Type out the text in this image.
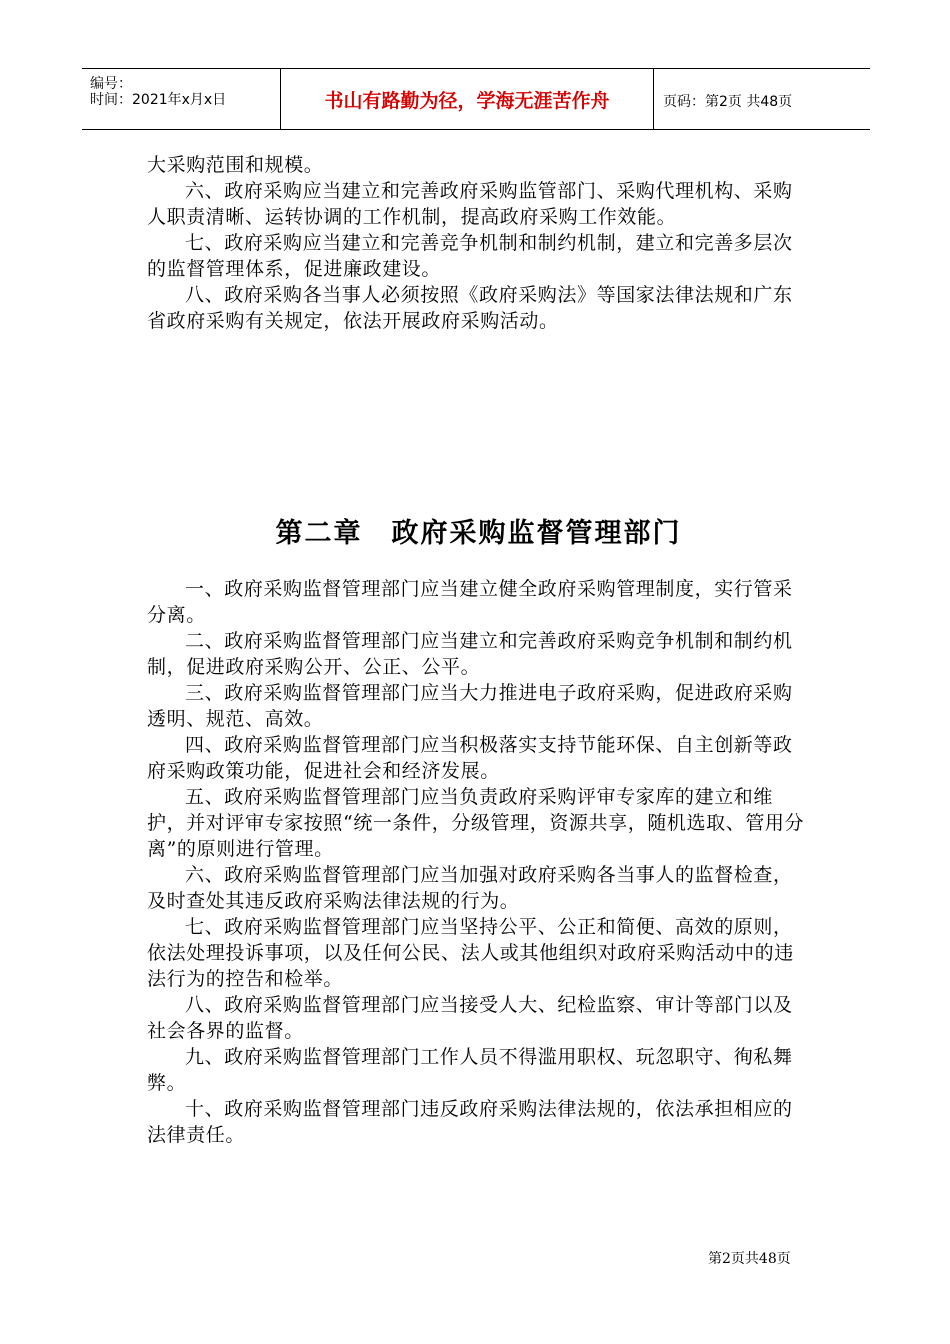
编号：
时间：2021年x月x日	书山有路勤为径，学海无涯苦作舟	页码：第2页 共48页

大采购范围和规模。

六、政府采购应当建立和完善政府采购监管部门、采购代理机构、采购人职责清晰、运转协调的工作机制，提高政府采购工作效能。

七、政府采购应当建立和完善竞争机制和制约机制，建立和完善多层次的监督管理体系，促进廉政建设。

八、政府采购各当事人必须按照《政府采购法》等国家法律法规和广东省政府采购有关规定，依法开展政府采购活动。

第二章　政府采购监督管理部门

一、政府采购监督管理部门应当建立健全政府采购管理制度，实行管采分离。

二、政府采购监督管理部门应当建立和完善政府采购竞争机制和制约机制，促进政府采购公开、公正、公平。

三、政府采购监督管理部门应当大力推进电子政府采购，促进政府采购透明、规范、高效。

四、政府采购监督管理部门应当积极落实支持节能环保、自主创新等政府采购政策功能，促进社会和经济发展。

五、政府采购监督管理部门应当负责政府采购评审专家库的建立和维护，并对评审专家按照“统一条件，分级管理，资源共享，随机选取、管用分离”的原则进行管理。

六、政府采购监督管理部门应当加强对政府采购各当事人的监督检查，及时查处其违反政府采购法律法规的行为。

七、政府采购监督管理部门应当坚持公平、公正和简便、高效的原则，依法处理投诉事项，以及任何公民、法人或其他组织对政府采购活动中的违法行为的控告和检举。

八、政府采购监督管理部门应当接受人大、纪检监察、审计等部门以及社会各界的监督。

九、政府采购监督管理部门工作人员不得滥用职权、玩忽职守、徇私舞弊。

十、政府采购监督管理部门违反政府采购法律法规的，依法承担相应的法律责任。

第2页共48页
